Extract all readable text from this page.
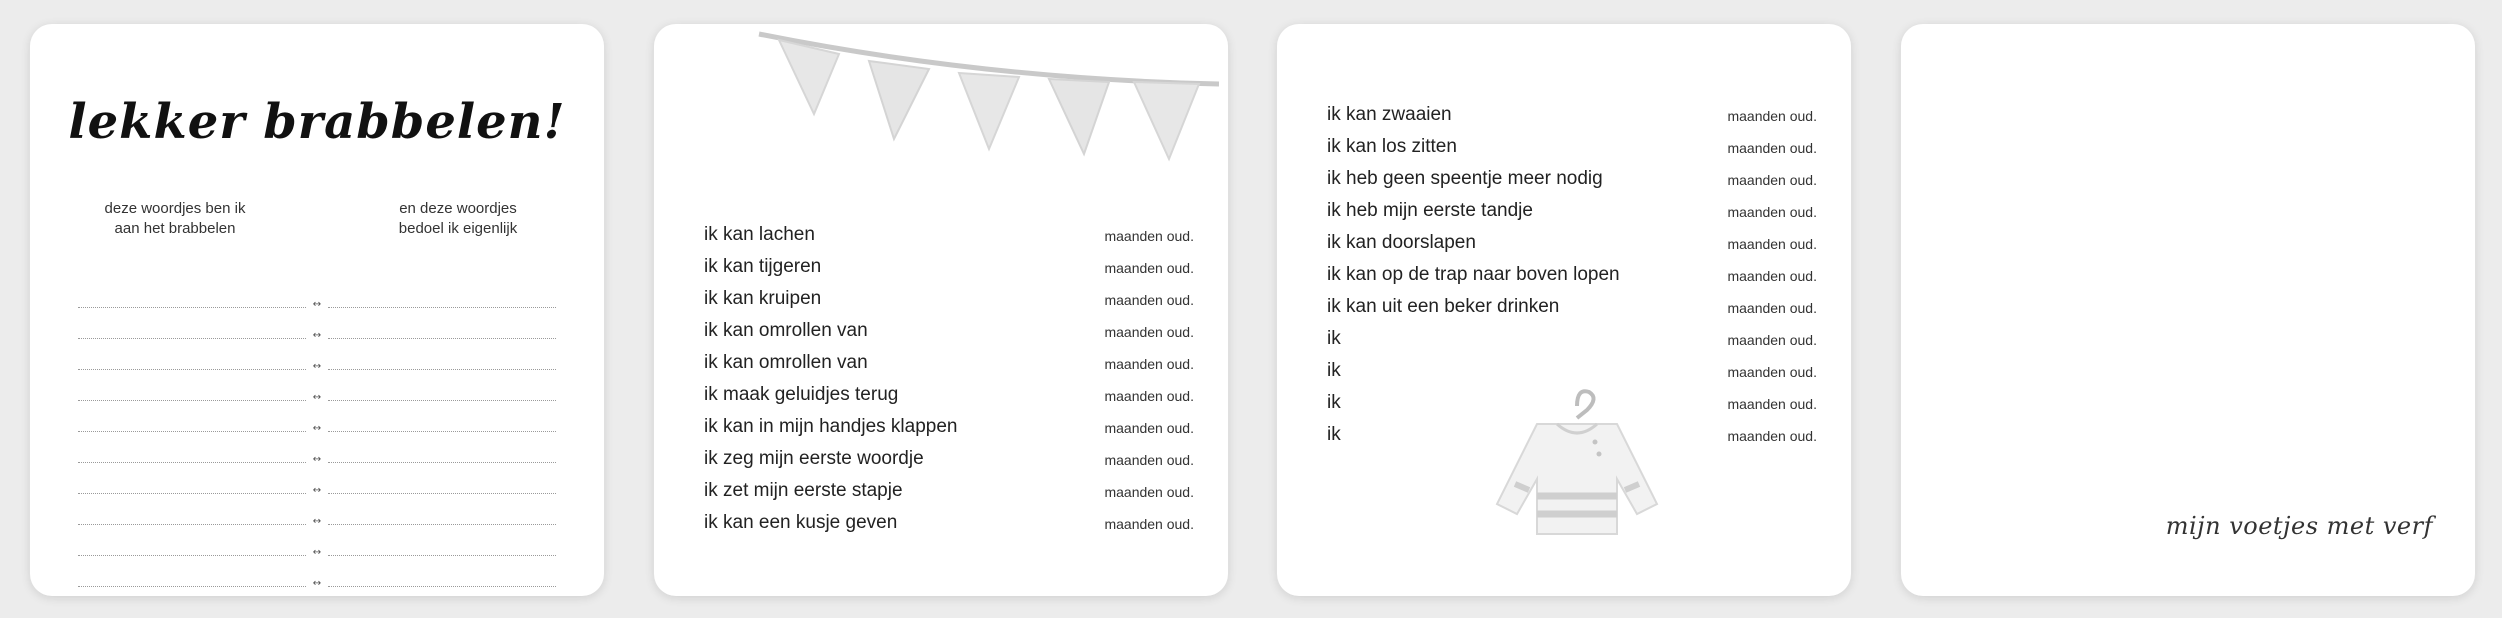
lekker brabbelen!
deze woordjes ben ik
aan het brabbelen
en deze woordjes
bedoel ik eigenlijk
↔
↔
↔
↔
↔
↔
↔
↔
↔
↔
ik kan lachen	maanden oud.
ik kan tijgeren	maanden oud.
ik kan kruipen	maanden oud.
ik kan omrollen van	maanden oud.
ik kan omrollen van	maanden oud.
ik maak geluidjes terug	maanden oud.
ik kan in mijn handjes klappen	maanden oud.
ik zeg mijn eerste woordje	maanden oud.
ik zet mijn eerste stapje	maanden oud.
ik kan een kusje geven	maanden oud.
ik kan zwaaien	maanden oud.
ik kan los zitten	maanden oud.
ik heb geen speentje meer nodig	maanden oud.
ik heb mijn eerste tandje	maanden oud.
ik kan doorslapen	maanden oud.
ik kan op de trap naar boven lopen	maanden oud.
ik kan uit een beker drinken	maanden oud.
ik	maanden oud.
ik	maanden oud.
ik	maanden oud.
ik	maanden oud.
mijn voetjes met verf
